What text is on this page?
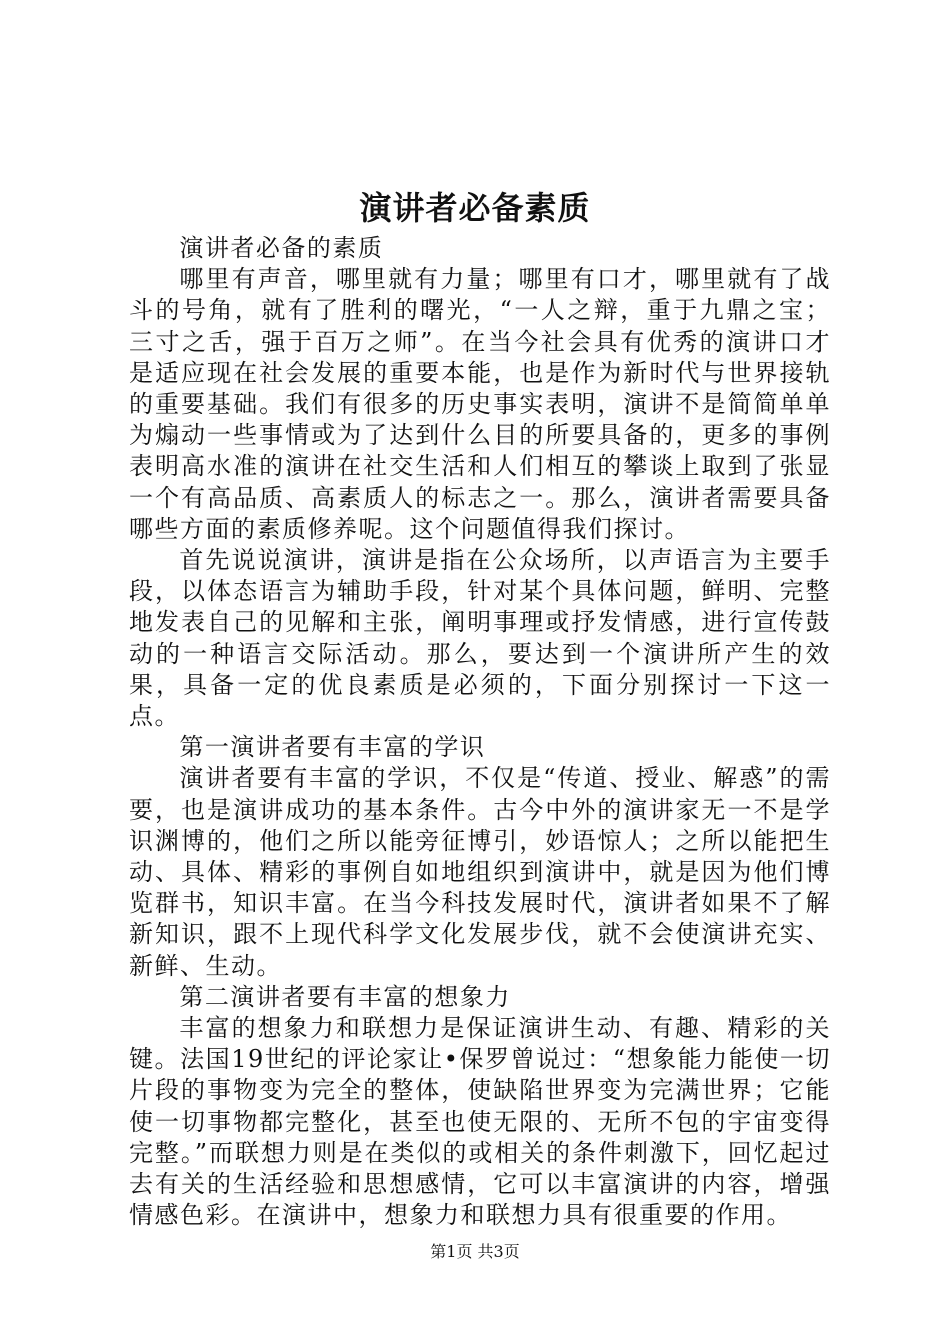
演讲者必备素质

演讲者必备的素质

哪里有声音，哪里就有力量；哪里有口才，哪里就有了战斗的号角，就有了胜利的曙光，“一人之辩，重于九鼎之宝；三寸之舌，强于百万之师”。在当今社会具有优秀的演讲口才是适应现在社会发展的重要本能，也是作为新时代与世界接轨的重要基础。我们有很多的历史事实表明，演讲不是简简单单为煽动一些事情或为了达到什么目的所要具备的，更多的事例表明高水准的演讲在社交生活和人们相互的攀谈上取到了张显一个有高品质、高素质人的标志之一。那么，演讲者需要具备哪些方面的素质修养呢。这个问题值得我们探讨。

首先说说演讲，演讲是指在公众场所，以声语言为主要手段，以体态语言为辅助手段，针对某个具体问题，鲜明、完整地发表自己的见解和主张，阐明事理或抒发情感，进行宣传鼓动的一种语言交际活动。那么，要达到一个演讲所产生的效果，具备一定的优良素质是必须的，下面分别探讨一下这一点。

第一演讲者要有丰富的学识

演讲者要有丰富的学识，不仅是“传道、授业、解惑”的需要，也是演讲成功的基本条件。古今中外的演讲家无一不是学识渊博的，他们之所以能旁征博引，妙语惊人；之所以能把生动、具体、精彩的事例自如地组织到演讲中，就是因为他们博览群书，知识丰富。在当今科技发展时代，演讲者如果不了解新知识，跟不上现代科学文化发展步伐，就不会使演讲充实、新鲜、生动。

第二演讲者要有丰富的想象力

丰富的想象力和联想力是保证演讲生动、有趣、精彩的关键。法国19世纪的评论家让•保罗曾说过：“想象能力能使一切片段的事物变为完全的整体，使缺陷世界变为完满世界；它能使一切事物都完整化，甚至也使无限的、无所不包的宇宙变得完整。”而联想力则是在类似的或相关的条件刺激下，回忆起过去有关的生活经验和思想感情，它可以丰富演讲的内容，增强情感色彩。在演讲中，想象力和联想力具有很重要的作用。

第1页 共3页
